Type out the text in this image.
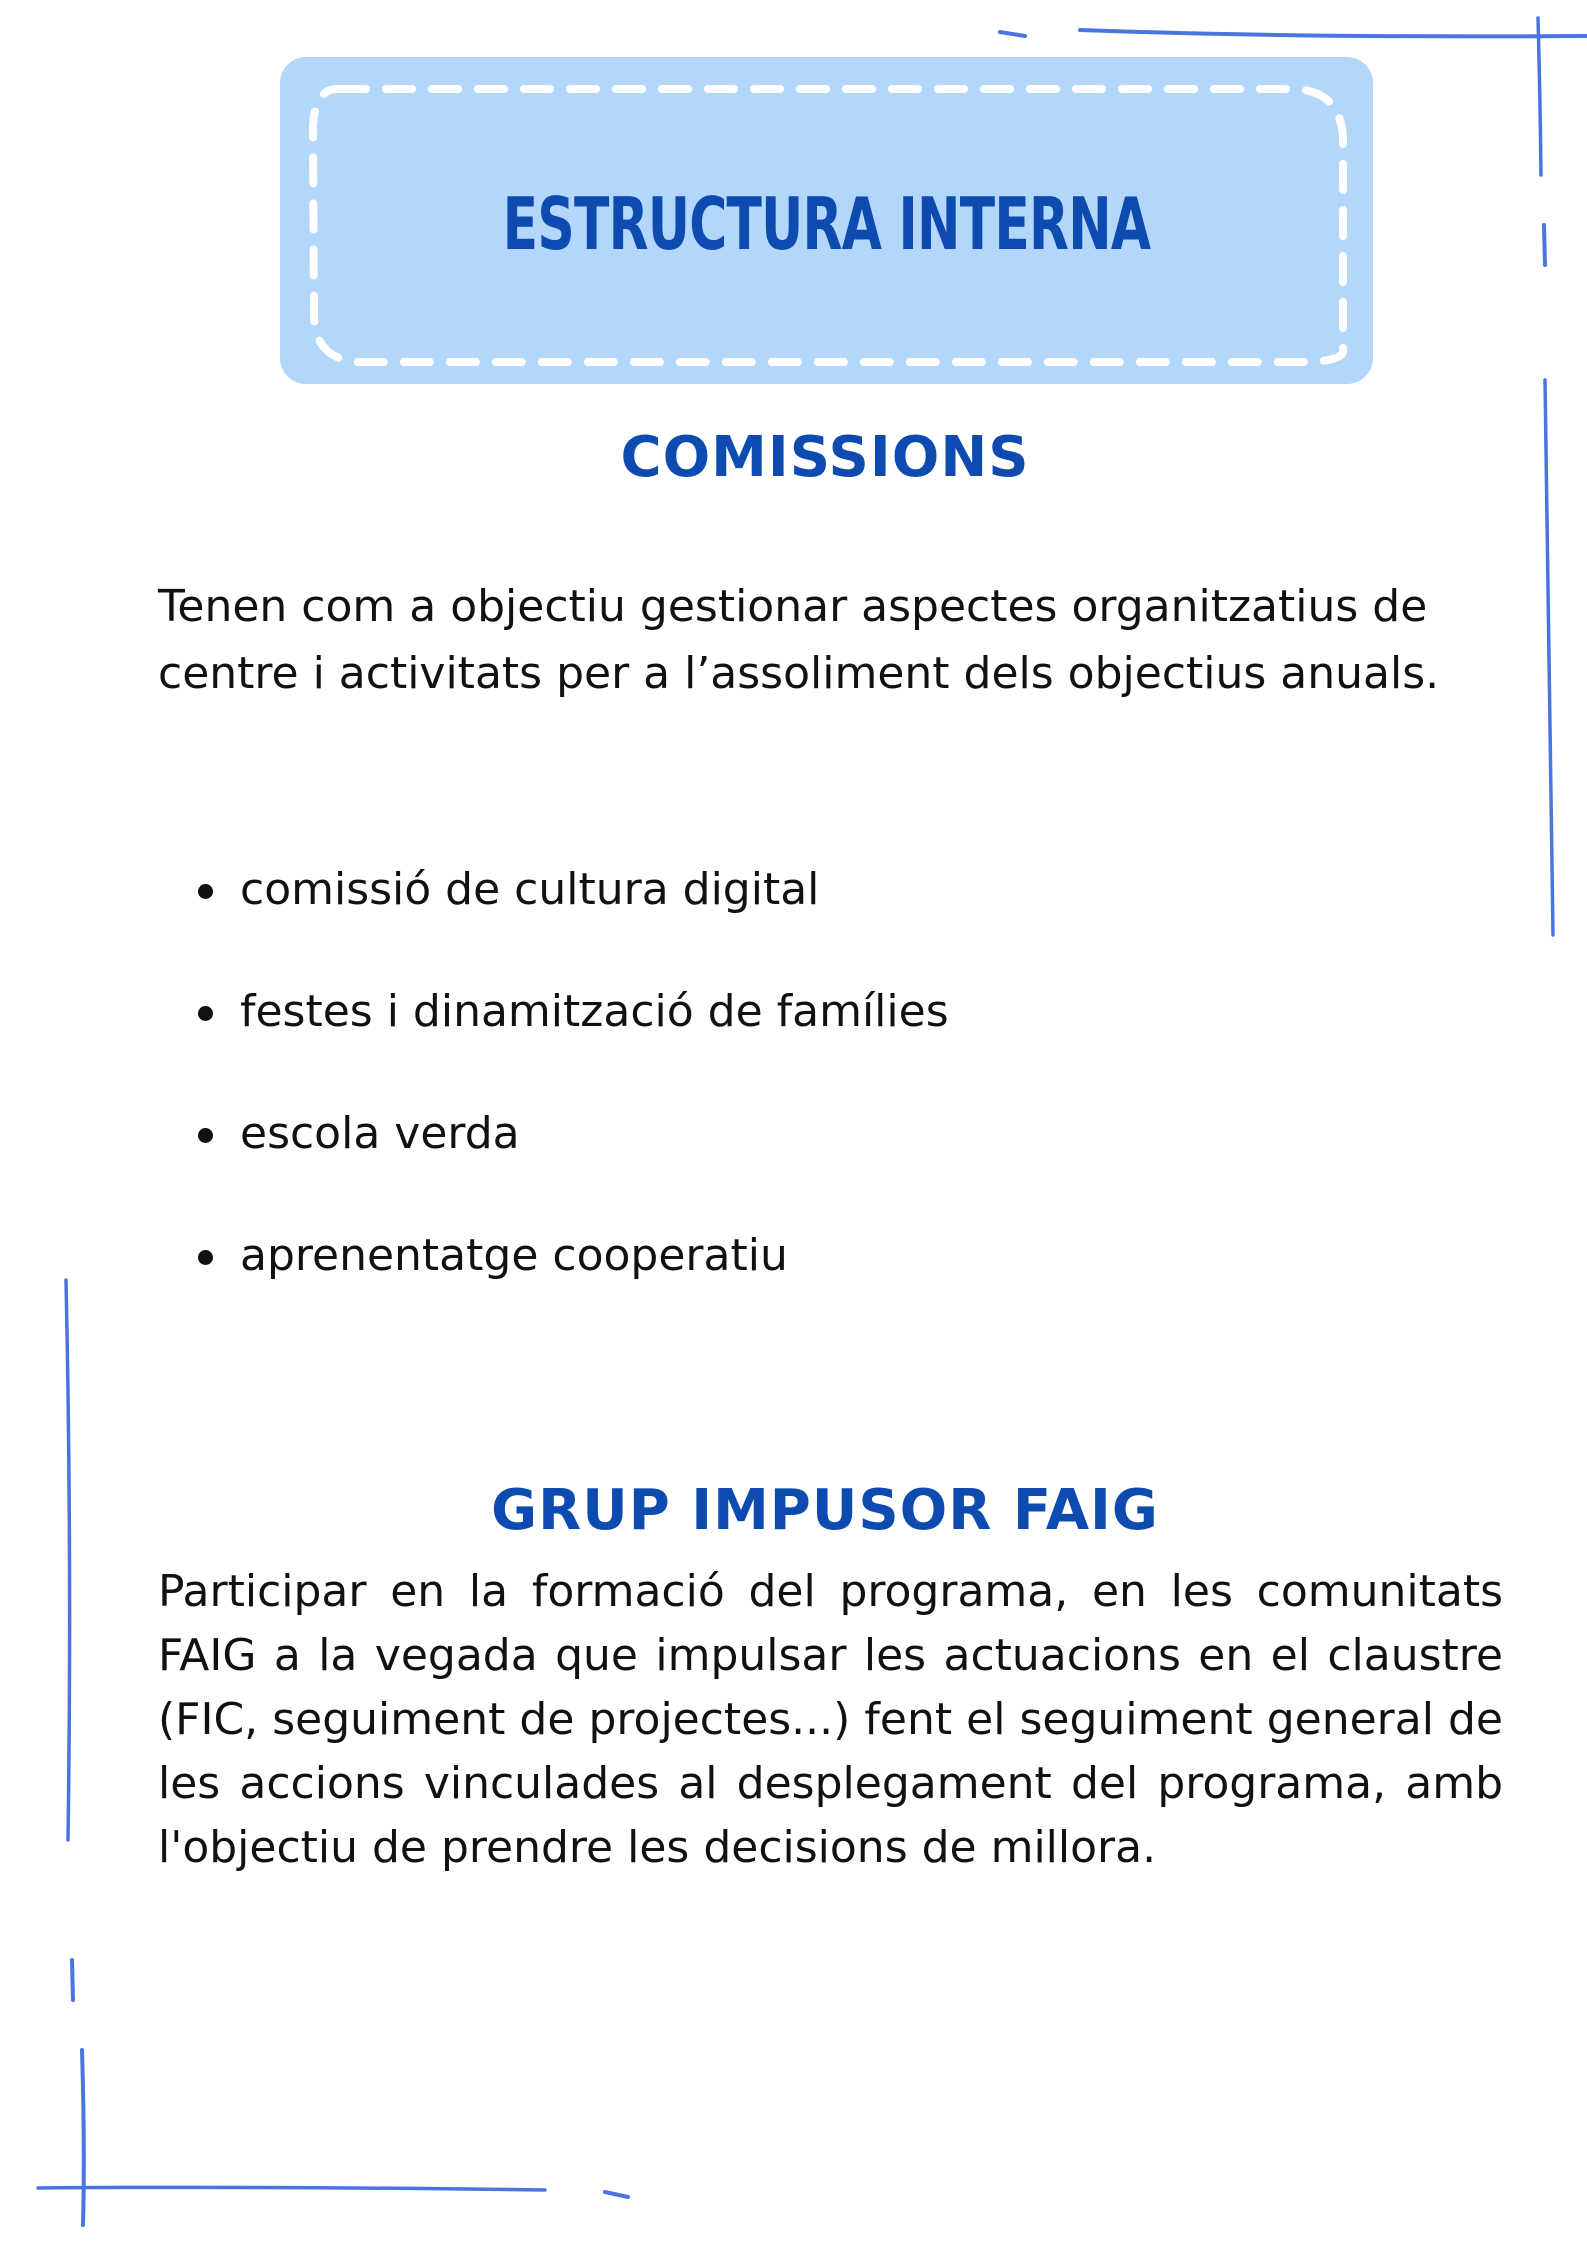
ESTRUCTURA INTERNA
COMISSIONS
Tenen com a objectiu gestionar aspectes organitzatius de centre i activitats per a l’assoliment dels objectius anuals.
comissió de cultura digital
festes i dinamització de famílies
escola verda
aprenentatge cooperatiu
GRUP IMPUSOR FAIG
Participar en la formació del programa, en les comunitats FAIG a la vegada que impulsar les actuacions en el claustre (FIC, seguiment de projectes...) fent el seguiment general de les accions vinculades al desplegament del programa, amb l'objectiu de prendre les decisions de millora.
